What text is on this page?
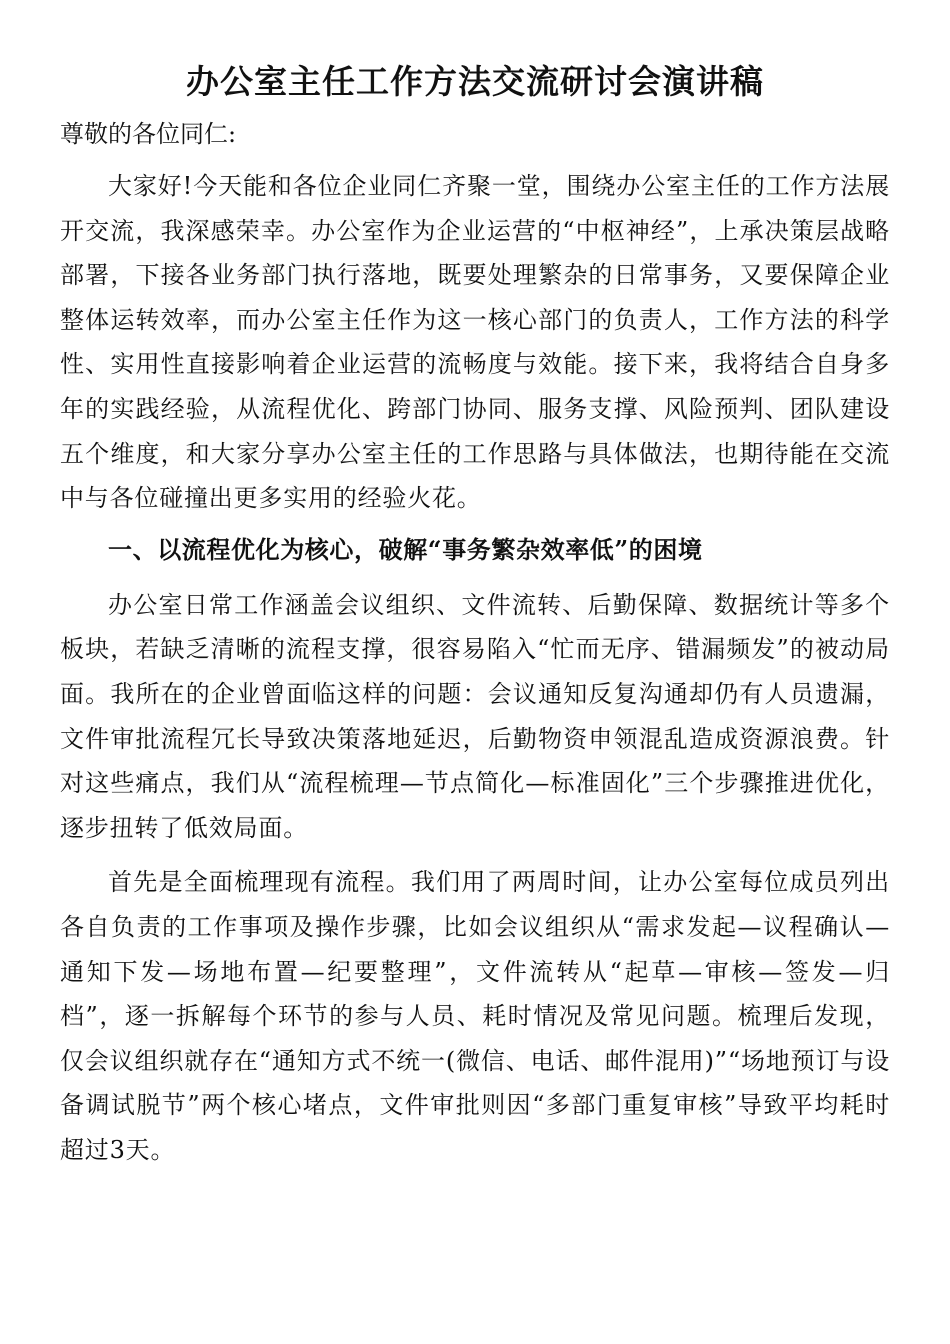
办公室主任工作方法交流研讨会演讲稿

尊敬的各位同仁:

大家好!今天能和各位企业同仁齐聚一堂，围绕办公室主任的工作方法展开交流，我深感荣幸。办公室作为企业运营的“中枢神经”，上承决策层战略部署，下接各业务部门执行落地，既要处理繁杂的日常事务，又要保障企业整体运转效率，而办公室主任作为这一核心部门的负责人，工作方法的科学性、实用性直接影响着企业运营的流畅度与效能。接下来，我将结合自身多年的实践经验，从流程优化、跨部门协同、服务支撑、风险预判、团队建设五个维度，和大家分享办公室主任的工作思路与具体做法，也期待能在交流中与各位碰撞出更多实用的经验火花。

一、以流程优化为核心，破解“事务繁杂效率低”的困境

办公室日常工作涵盖会议组织、文件流转、后勤保障、数据统计等多个板块，若缺乏清晰的流程支撑，很容易陷入“忙而无序、错漏频发”的被动局面。我所在的企业曾面临这样的问题：会议通知反复沟通却仍有人员遗漏，文件审批流程冗长导致决策落地延迟，后勤物资申领混乱造成资源浪费。针对这些痛点，我们从“流程梳理—节点简化—标准固化”三个步骤推进优化，逐步扭转了低效局面。

首先是全面梳理现有流程。我们用了两周时间，让办公室每位成员列出各自负责的工作事项及操作步骤，比如会议组织从“需求发起—议程确认—通知下发—场地布置—纪要整理”，文件流转从“起草—审核—签发—归档”，逐一拆解每个环节的参与人员、耗时情况及常见问题。梳理后发现，仅会议组织就存在“通知方式不统一(微信、电话、邮件混用)”“场地预订与设备调试脱节”两个核心堵点，文件审批则因“多部门重复审核”导致平均耗时超过3天。
